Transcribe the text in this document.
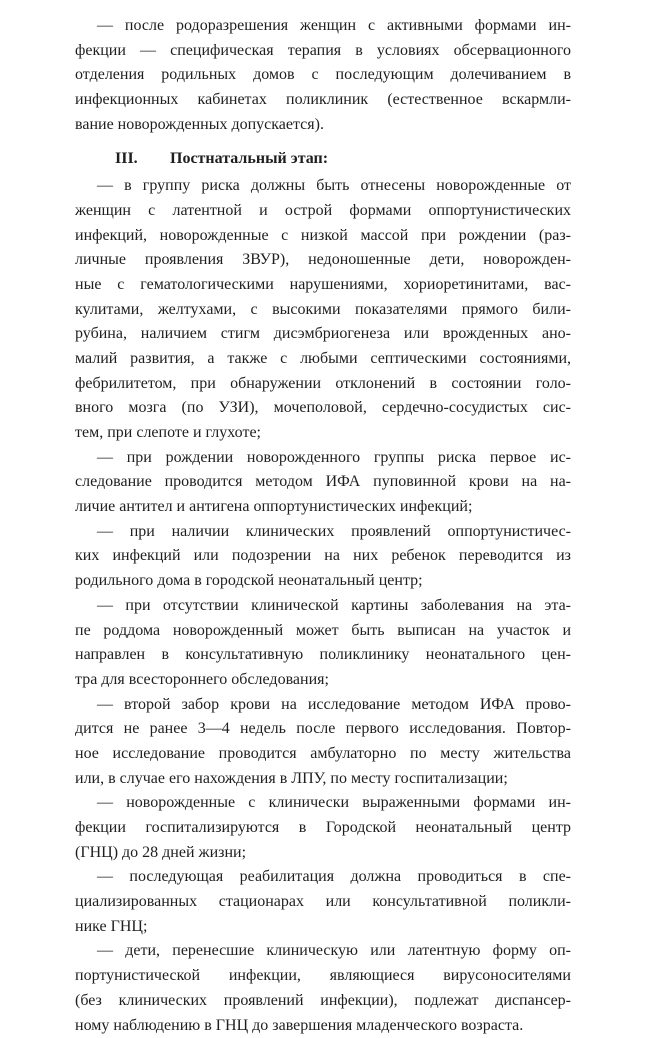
— после родоразрешения женщин с активными формами ин-
фекции — специфическая терапия в условиях обсервационного
отделения родильных домов с последующим долечиванием в
инфекционных кабинетах поликлиник (естественное вскармли-
вание новорожденных допускается).
III. Постнатальный этап:
— в группу риска должны быть отнесены новорожденные от
женщин с латентной и острой формами оппортунистических
инфекций, новорожденные с низкой массой при рождении (раз-
личные проявления ЗВУР), недоношенные дети, новорожден-
ные с гематологическими нарушениями, хориоретинитами, вас-
кулитами, желтухами, с высокими показателями прямого били-
рубина, наличием стигм дисэмбриогенеза или врожденных ано-
малий развития, а также с любыми септическими состояниями,
фебрилитетом, при обнаружении отклонений в состоянии голо-
вного мозга (по УЗИ), мочеполовой, сердечно-сосудистых сис-
тем, при слепоте и глухоте;
— при рождении новорожденного группы риска первое ис-
следование проводится методом ИФА пуповинной крови на на-
личие антител и антигена оппортунистических инфекций;
— при наличии клинических проявлений оппортунистичес-
ких инфекций или подозрении на них ребенок переводится из
родильного дома в городской неонатальный центр;
— при отсутствии клинической картины заболевания на эта-
пе роддома новорожденный может быть выписан на участок и
направлен в консультативную поликлинику неонатального цен-
тра для всестороннего обследования;
— второй забор крови на исследование методом ИФА прово-
дится не ранее 3—4 недель после первого исследования. Повтор-
ное исследование проводится амбулаторно по месту жительства
или, в случае его нахождения в ЛПУ, по месту госпитализации;
— новорожденные с клинически выраженными формами ин-
фекции госпитализируются в Городской неонатальный центр
(ГНЦ) до 28 дней жизни;
— последующая реабилитация должна проводиться в спе-
циализированных стационарах или консультативной поликли-
нике ГНЦ;
— дети, перенесшие клиническую или латентную форму оп-
портунистической инфекции, являющиеся вирусоносителями
(без клинических проявлений инфекции), подлежат диспансер-
ному наблюдению в ГНЦ до завершения младенческого возраста.
